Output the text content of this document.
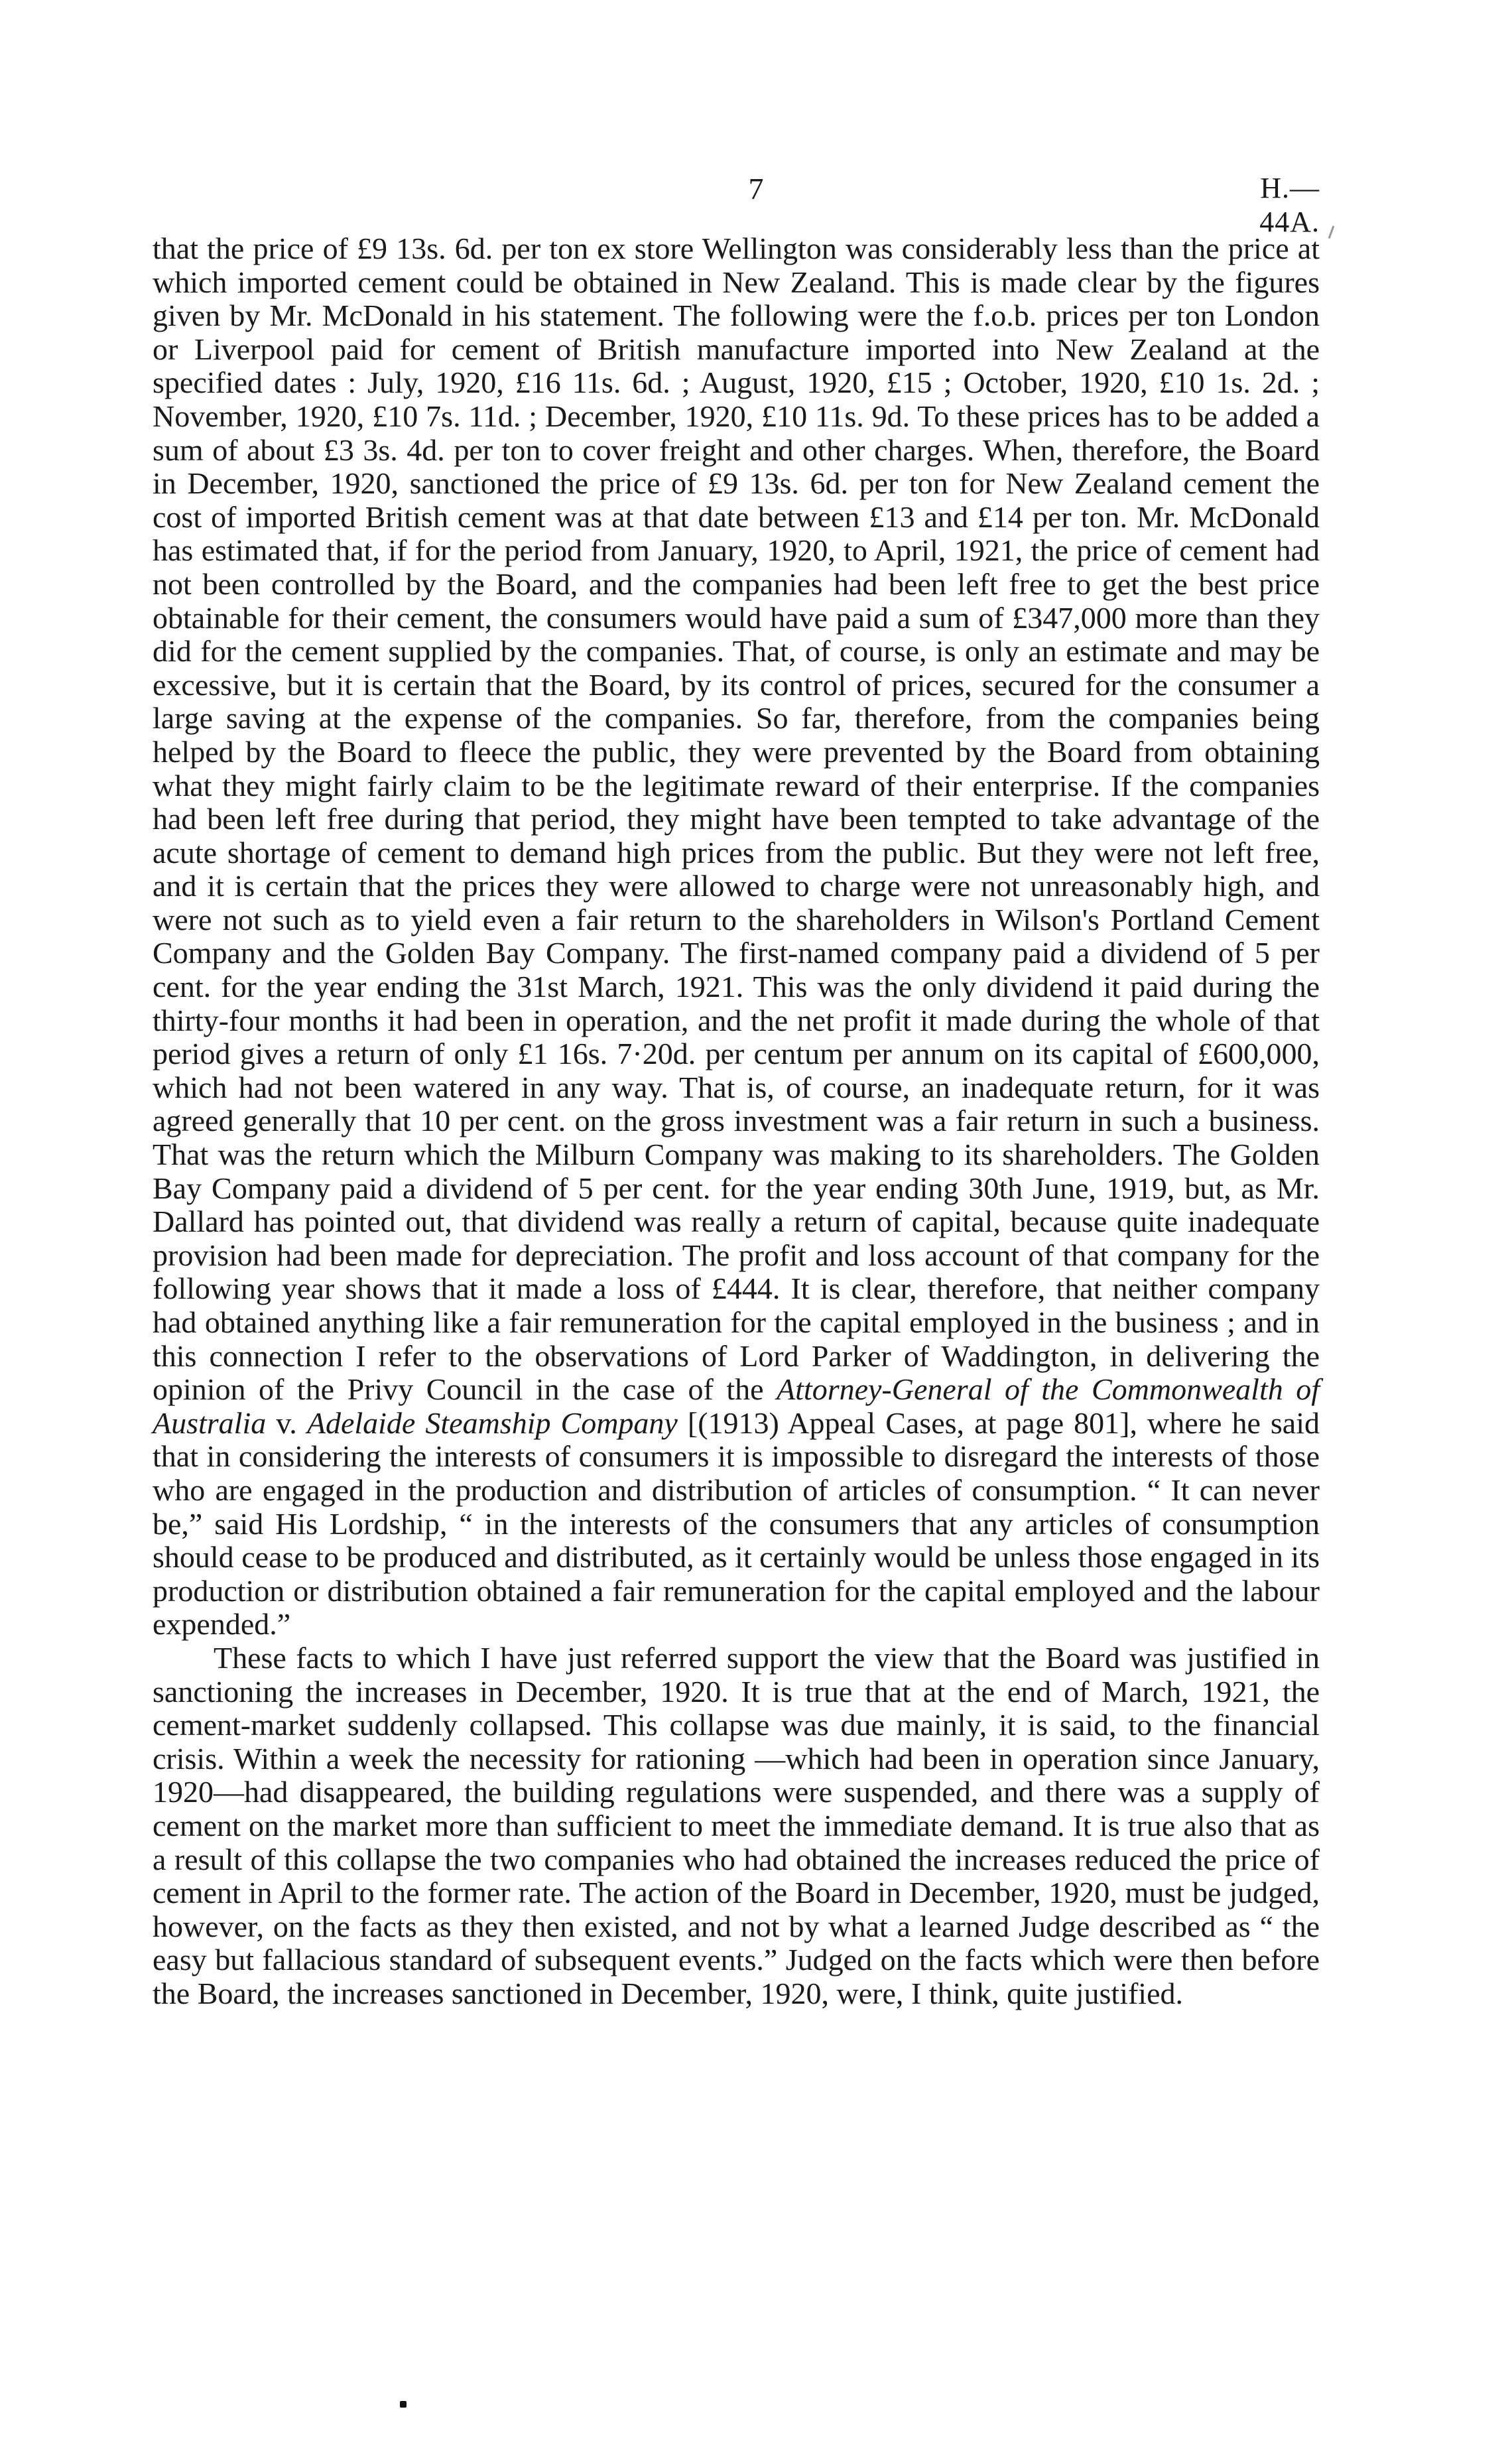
7	H.—44A.

that the price of £9 13s. 6d. per ton ex store Wellington was considerably less than the price at which imported cement could be obtained in New Zealand. This is made clear by the figures given by Mr. McDonald in his statement. The following were the f.o.b. prices per ton London or Liverpool paid for cement of British manufacture imported into New Zealand at the specified dates : July, 1920, £16 11s. 6d. ; August, 1920, £15 ; October, 1920, £10 1s. 2d. ; November, 1920, £10 7s. 11d. ; December, 1920, £10 11s. 9d. To these prices has to be added a sum of about £3 3s. 4d. per ton to cover freight and other charges. When, therefore, the Board in December, 1920, sanctioned the price of £9 13s. 6d. per ton for New Zealand cement the cost of imported British cement was at that date between £13 and £14 per ton. Mr. McDonald has estimated that, if for the period from January, 1920, to April, 1921, the price of cement had not been controlled by the Board, and the companies had been left free to get the best price obtainable for their cement, the consumers would have paid a sum of £347,000 more than they did for the cement supplied by the companies. That, of course, is only an estimate and may be excessive, but it is certain that the Board, by its control of prices, secured for the consumer a large saving at the expense of the companies. So far, therefore, from the companies being helped by the Board to fleece the public, they were prevented by the Board from obtaining what they might fairly claim to be the legitimate reward of their enterprise. If the companies had been left free during that period, they might have been tempted to take advantage of the acute shortage of cement to demand high prices from the public. But they were not left free, and it is certain that the prices they were allowed to charge were not unreasonably high, and were not such as to yield even a fair return to the shareholders in Wilson's Portland Cement Company and the Golden Bay Company. The first-named company paid a dividend of 5 per cent. for the year ending the 31st March, 1921. This was the only dividend it paid during the thirty-four months it had been in operation, and the net profit it made during the whole of that period gives a return of only £1 16s. 7·20d. per centum per annum on its capital of £600,000, which had not been watered in any way. That is, of course, an inadequate return, for it was agreed generally that 10 per cent. on the gross investment was a fair return in such a business. That was the return which the Milburn Company was making to its shareholders. The Golden Bay Company paid a dividend of 5 per cent. for the year ending 30th June, 1919, but, as Mr. Dallard has pointed out, that dividend was really a return of capital, because quite inadequate provision had been made for depreciation. The profit and loss account of that company for the following year shows that it made a loss of £444. It is clear, therefore, that neither company had obtained anything like a fair remuneration for the capital employed in the business ; and in this connection I refer to the observations of Lord Parker of Waddington, in delivering the opinion of the Privy Council in the case of the Attorney-General of the Commonwealth of Australia v. Adelaide Steamship Company [(1913) Appeal Cases, at page 801], where he said that in considering the interests of consumers it is impossible to disregard the interests of those who are engaged in the production and distribution of articles of consumption. “ It can never be,” said His Lordship, “ in the interests of the consumers that any articles of consumption should cease to be produced and distributed, as it certainly would be unless those engaged in its production or distribution obtained a fair remuneration for the capital employed and the labour expended.”

These facts to which I have just referred support the view that the Board was justified in sanctioning the increases in December, 1920. It is true that at the end of March, 1921, the cement-market suddenly collapsed. This collapse was due mainly, it is said, to the financial crisis. Within a week the necessity for rationing —which had been in operation since January, 1920—had disappeared, the building regulations were suspended, and there was a supply of cement on the market more than sufficient to meet the immediate demand. It is true also that as a result of this collapse the two companies who had obtained the increases reduced the price of cement in April to the former rate. The action of the Board in December, 1920, must be judged, however, on the facts as they then existed, and not by what a learned Judge described as “ the easy but fallacious standard of subsequent events.” Judged on the facts which were then before the Board, the increases sanctioned in December, 1920, were, I think, quite justified.
